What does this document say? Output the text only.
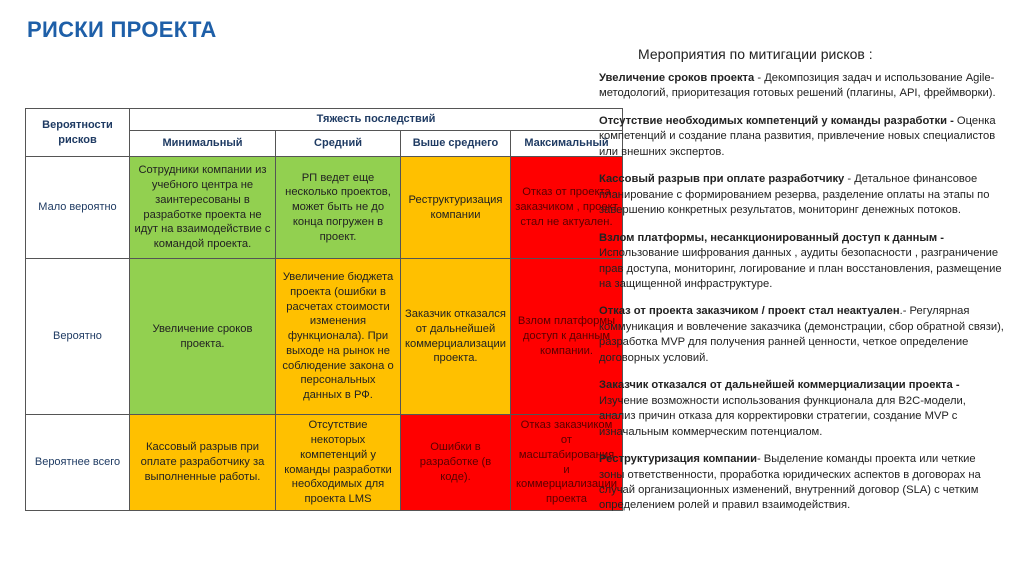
РИСКИ ПРОЕКТА
Вероятности рисков	Тяжесть последствий			
	Минимальный	Средний	Выше среднего	Максимальный
Мало вероятно	Сотрудники компании из учебного центра не заинтересованы в разработке проекта не идут на взаимодействие с командой проекта.	РП ведет еще несколько проектов, может быть не до конца погружен в проект.	Реструктуризация компании	Отказ от проекта заказчиком , проект стал не актуален.
Вероятно	Увеличение сроков проекта.	Увеличение бюджета проекта (ошибки в расчетах стоимости изменения функционала). При выходе на рынок не соблюдение закона о персональных данных в РФ.	Заказчик отказался от дальнейшей коммерциализации проекта.	Взлом платформы доступ к данным компании.
Вероятнее всего	Кассовый разрыв при оплате разработчику за выполненные работы.	Отсутствие некоторых компетенций у команды разработки необходимых для проекта LMS	Ошибки в разработке (в коде).	Отказ заказчиком от масштабирования и коммерциализации проекта
Мероприятия по митигации рисков :

Увеличение сроков проекта - Декомпозиция задач и использование Agile-методологий, приоритезация готовых решений (плагины, API, фреймворки).

Отсутствие необходимых компетенций у команды разработки - Оценка компетенций и создание плана развития, привлечение новых специалистов или внешних экспертов.

Кассовый разрыв при оплате разработчику - Детальное финансовое планирование с формированием резерва, разделение оплаты на этапы по завершению конкретных результатов, мониторинг денежных потоков.

Взлом платформы, несанкционированный доступ к данным - Использование шифрования данных , аудиты безопасности , разграничение прав доступа, мониторинг, логирование и план восстановления, размещение на защищенной инфраструктуре.

Отказ от проекта заказчиком / проект стал неактуален.- Регулярная коммуникация и вовлечение заказчика (демонстрации, сбор обратной связи), разработка MVP для получения ранней ценности, четкое определение договорных условий.

Заказчик отказался от дальнейшей коммерциализации проекта - Изучение возможности использования функционала для B2C-модели, анализ причин отказа для корректировки стратегии, создание MVP с изначальным коммерческим потенциалом.

Реструктуризация компании- Выделение команды проекта или четкие зоны ответственности, проработка юридических аспектов в договорах на случай организационных изменений, внутренний договор (SLA) с четким определением ролей и правил взаимодействия.
